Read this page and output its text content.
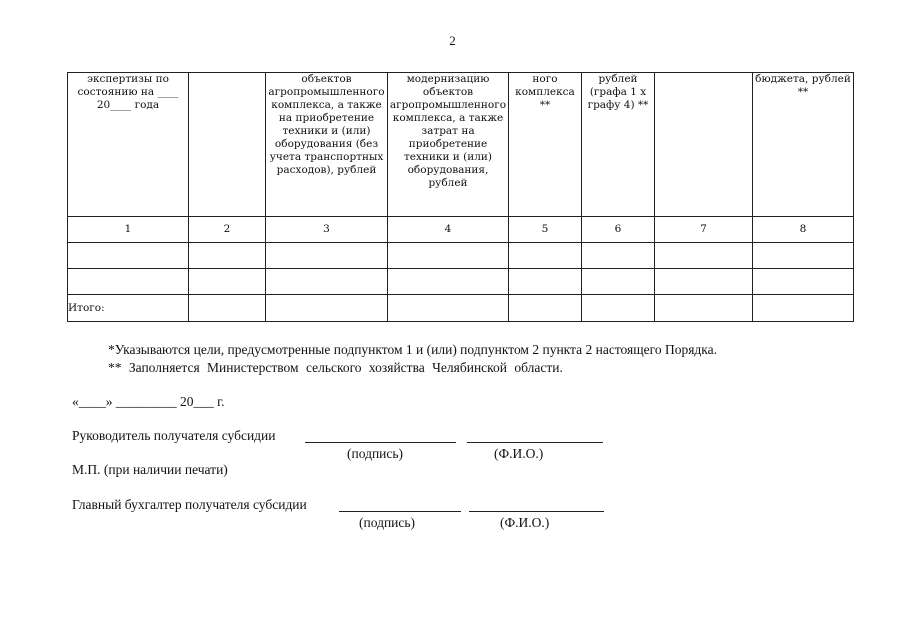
2
экспертизы по состоянию на ____ 20____ года		объектов агропромышленного комплекса, а также на приобретение техники и (или) оборудования (без учета транспортных расходов), рублей	модернизацию объектов агропромышленного комплекса, а также затрат на приобретение техники и (или) оборудования, рублей	ного комплекса **	рублей (графа 1 х графу 4) **		бюджета, рублей **
1	2	3	4	5	6	7	8

Итого:							
*Указываются цели, предусмотренные подпунктом 1 и (или) подпунктом 2 пункта 2 настоящего Порядка.
** Заполняется Министерством сельского хозяйства Челябинской области.
«____» _________ 20___ г.
Руководитель получателя субсидии
(подпись)	(Ф.И.О.)
М.П. (при наличии печати)
Главный бухгалтер получателя субсидии
(подпись)	(Ф.И.О.)
